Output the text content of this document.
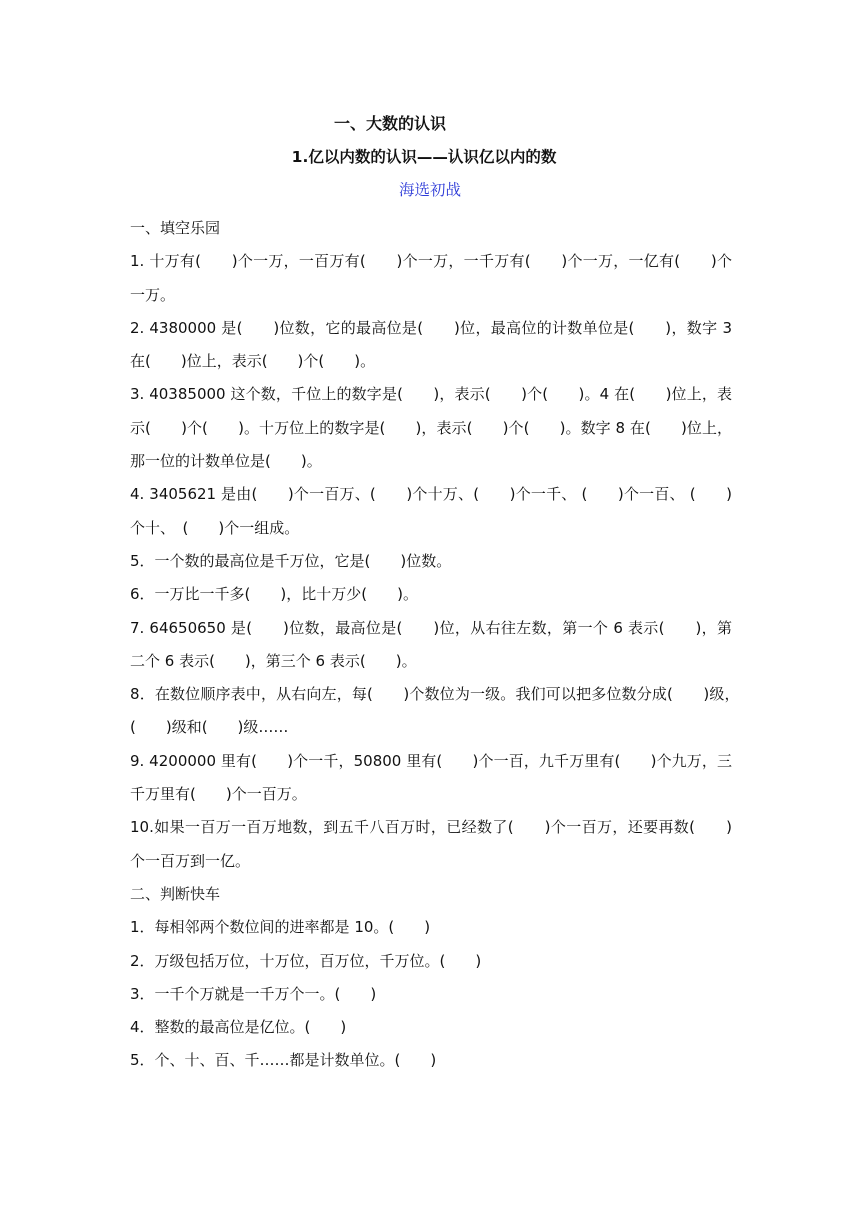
一、大数的认识
1.亿以内数的认识——认识亿以内的数
海选初战

一、填空乐园

1. 十万有(　　)个一万，一百万有(　　)个一万，一千万有(　　)个一万，一亿有(　　)个一万。

2. 4380000 是(　　)位数，它的最高位是(　　)位，最高位的计数单位是(　　)，数字 3 在(　　)位上，表示(　　)个(　　)。

3. 40385000 这个数，千位上的数字是(　　)，表示(　　)个(　　)。4 在(　　)位上，表示(　　)个(　　)。十万位上的数字是(　　)，表示(　　)个(　　)。数字 8 在(　　)位上，那一位的计数单位是(　　)。

4. 3405621 是由(　　)个一百万、(　　)个十万、(　　)个一千、 (　　)个一百、 (　　)个十、　(　　)个一组成。

5．一个数的最高位是千万位，它是(　　)位数。

6．一万比一千多(　　)，比十万少(　　)。

7. 64650650 是(　　)位数，最高位是(　　)位，从右往左数，第一个 6 表示(　　)，第二个 6 表示(　　)，第三个 6 表示(　　)。

8．在数位顺序表中，从右向左，每(　　)个数位为一级。我们可以把多位数分成(　　)级，　(　　)级和(　　)级……

9. 4200000 里有(　　)个一千，50800 里有(　　)个一百，九千万里有(　　)个九万，三千万里有(　　)个一百万。

10.如果一百万一百万地数，到五千八百万时，已经数了(　　)个一百万，还要再数(　　)个一百万到一亿。

二、判断快车

1．每相邻两个数位间的进率都是 10。(　　)

2．万级包括万位，十万位，百万位，千万位。(　　)

3．一千个万就是一千万个一。(　　)

4．整数的最高位是亿位。(　　)

5．个、十、百、千……都是计数单位。(　　)
